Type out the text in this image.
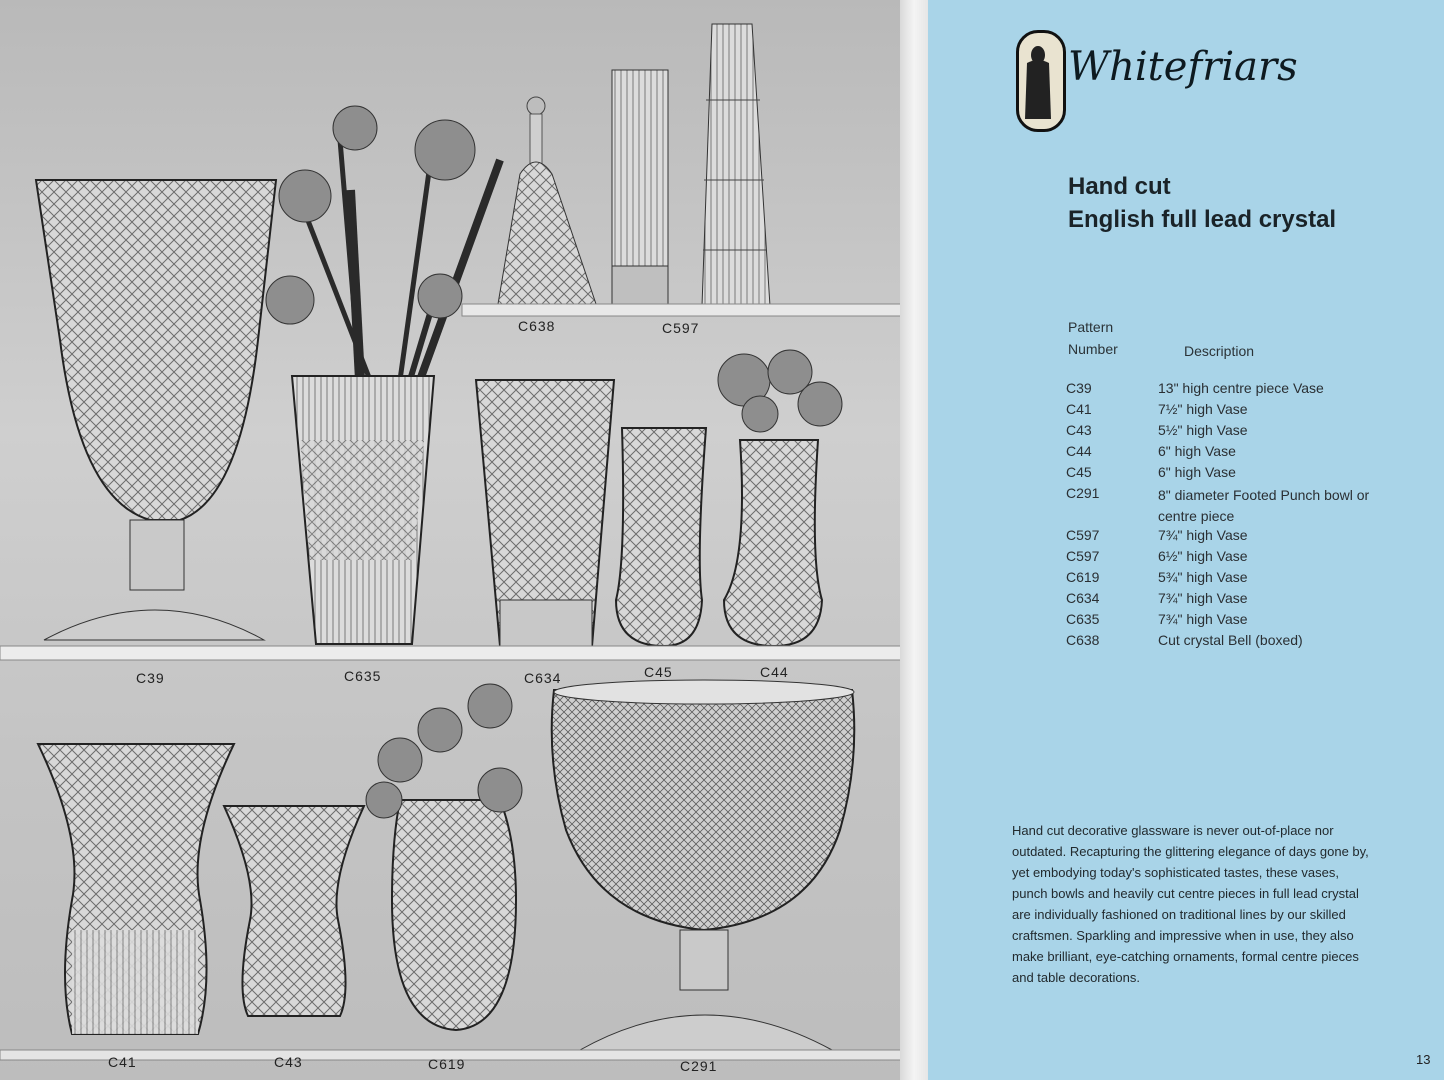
C638	C597
C39	C635	C634	C45	C44
C41	C43	C619	C291
Whitefriars
Hand cut
English full lead crystal
Pattern
Number	Description
C39	13" high centre piece Vase
C41	7½" high Vase
C43	5½" high Vase
C44	6" high Vase
C45	6" high Vase
C291	8" diameter Footed Punch bowl or centre piece
C597	7¾" high Vase
C597	6½" high Vase
C619	5¾" high Vase
C634	7¾" high Vase
C635	7¾" high Vase
C638	Cut crystal Bell (boxed)
Hand cut decorative glassware is never out-of-place nor outdated. Recapturing the glittering elegance of days gone by, yet embodying today's sophisticated tastes, these vases, punch bowls and heavily cut centre pieces in full lead crystal are individually fashioned on traditional lines by our skilled craftsmen. Sparkling and impressive when in use, they also make brilliant, eye-catching ornaments, formal centre pieces and table decorations.
13
